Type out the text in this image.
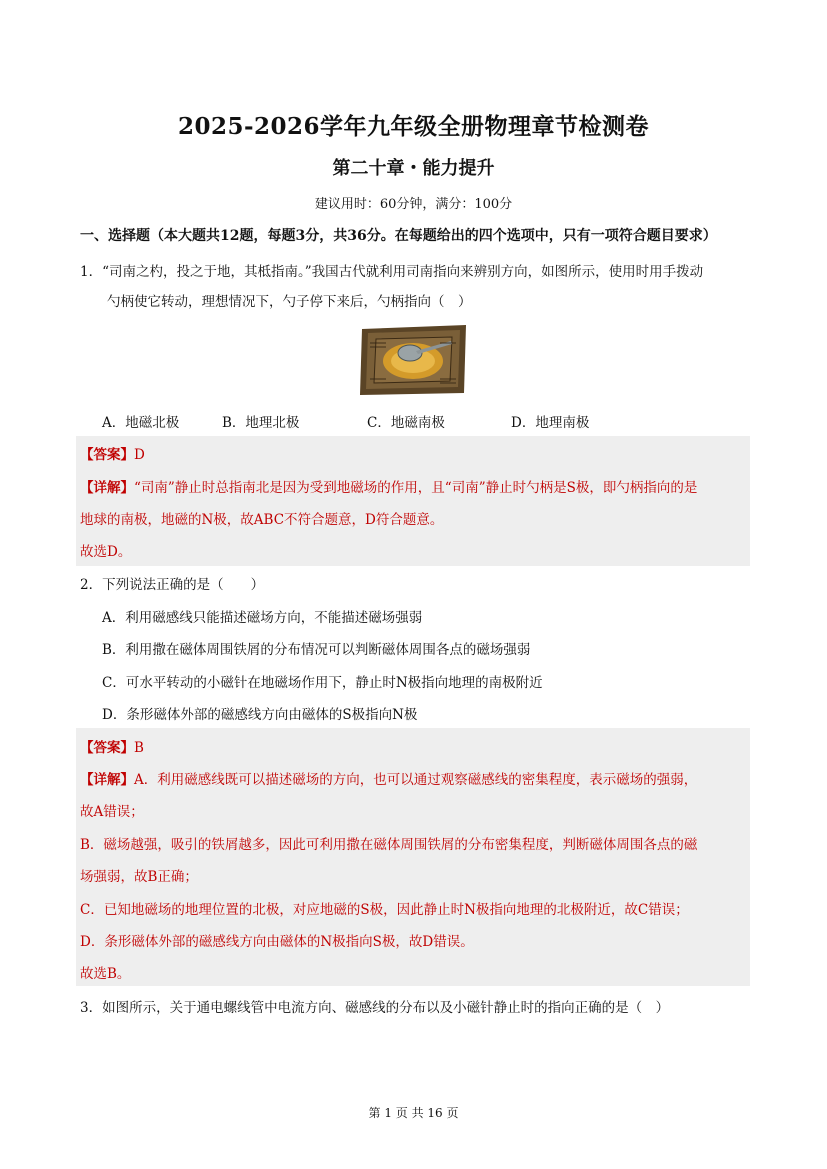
2025-2026学年九年级全册物理章节检测卷
第二十章・能力提升
建议用时：60分钟，满分：100分
一、选择题（本大题共12题，每题3分，共36分。在每题给出的四个选项中，只有一项符合题目要求）
1．“司南之杓，投之于地，其柢指南。”我国古代就利用司南指向来辨别方向，如图所示，使用时用手拨动
勺柄使它转动，理想情况下，勺子停下来后，勺柄指向（　）
A．地磁北极	B．地理北极	C．地磁南极	D．地理南极
【答案】D
【详解】“司南”静止时总指南北是因为受到地磁场的作用，且“司南”静止时勺柄是S极，即勺柄指向的是
地球的南极，地磁的N极，故ABC不符合题意，D符合题意。
故选D。
2．下列说法正确的是（　　）
A．利用磁感线只能描述磁场方向，不能描述磁场强弱
B．利用撒在磁体周围铁屑的分布情况可以判断磁体周围各点的磁场强弱
C．可水平转动的小磁针在地磁场作用下，静止时N极指向地理的南极附近
D．条形磁体外部的磁感线方向由磁体的S极指向N极
【答案】B
【详解】A．利用磁感线既可以描述磁场的方向，也可以通过观察磁感线的密集程度，表示磁场的强弱，
故A错误；
B．磁场越强，吸引的铁屑越多，因此可利用撒在磁体周围铁屑的分布密集程度，判断磁体周围各点的磁
场强弱，故B正确；
C．已知地磁场的地理位置的北极，对应地磁的S极，因此静止时N极指向地理的北极附近，故C错误；
D．条形磁体外部的磁感线方向由磁体的N极指向S极，故D错误。
故选B。
3．如图所示，关于通电螺线管中电流方向、磁感线的分布以及小磁针静止时的指向正确的是（　）
第 1 页 共 16 页
